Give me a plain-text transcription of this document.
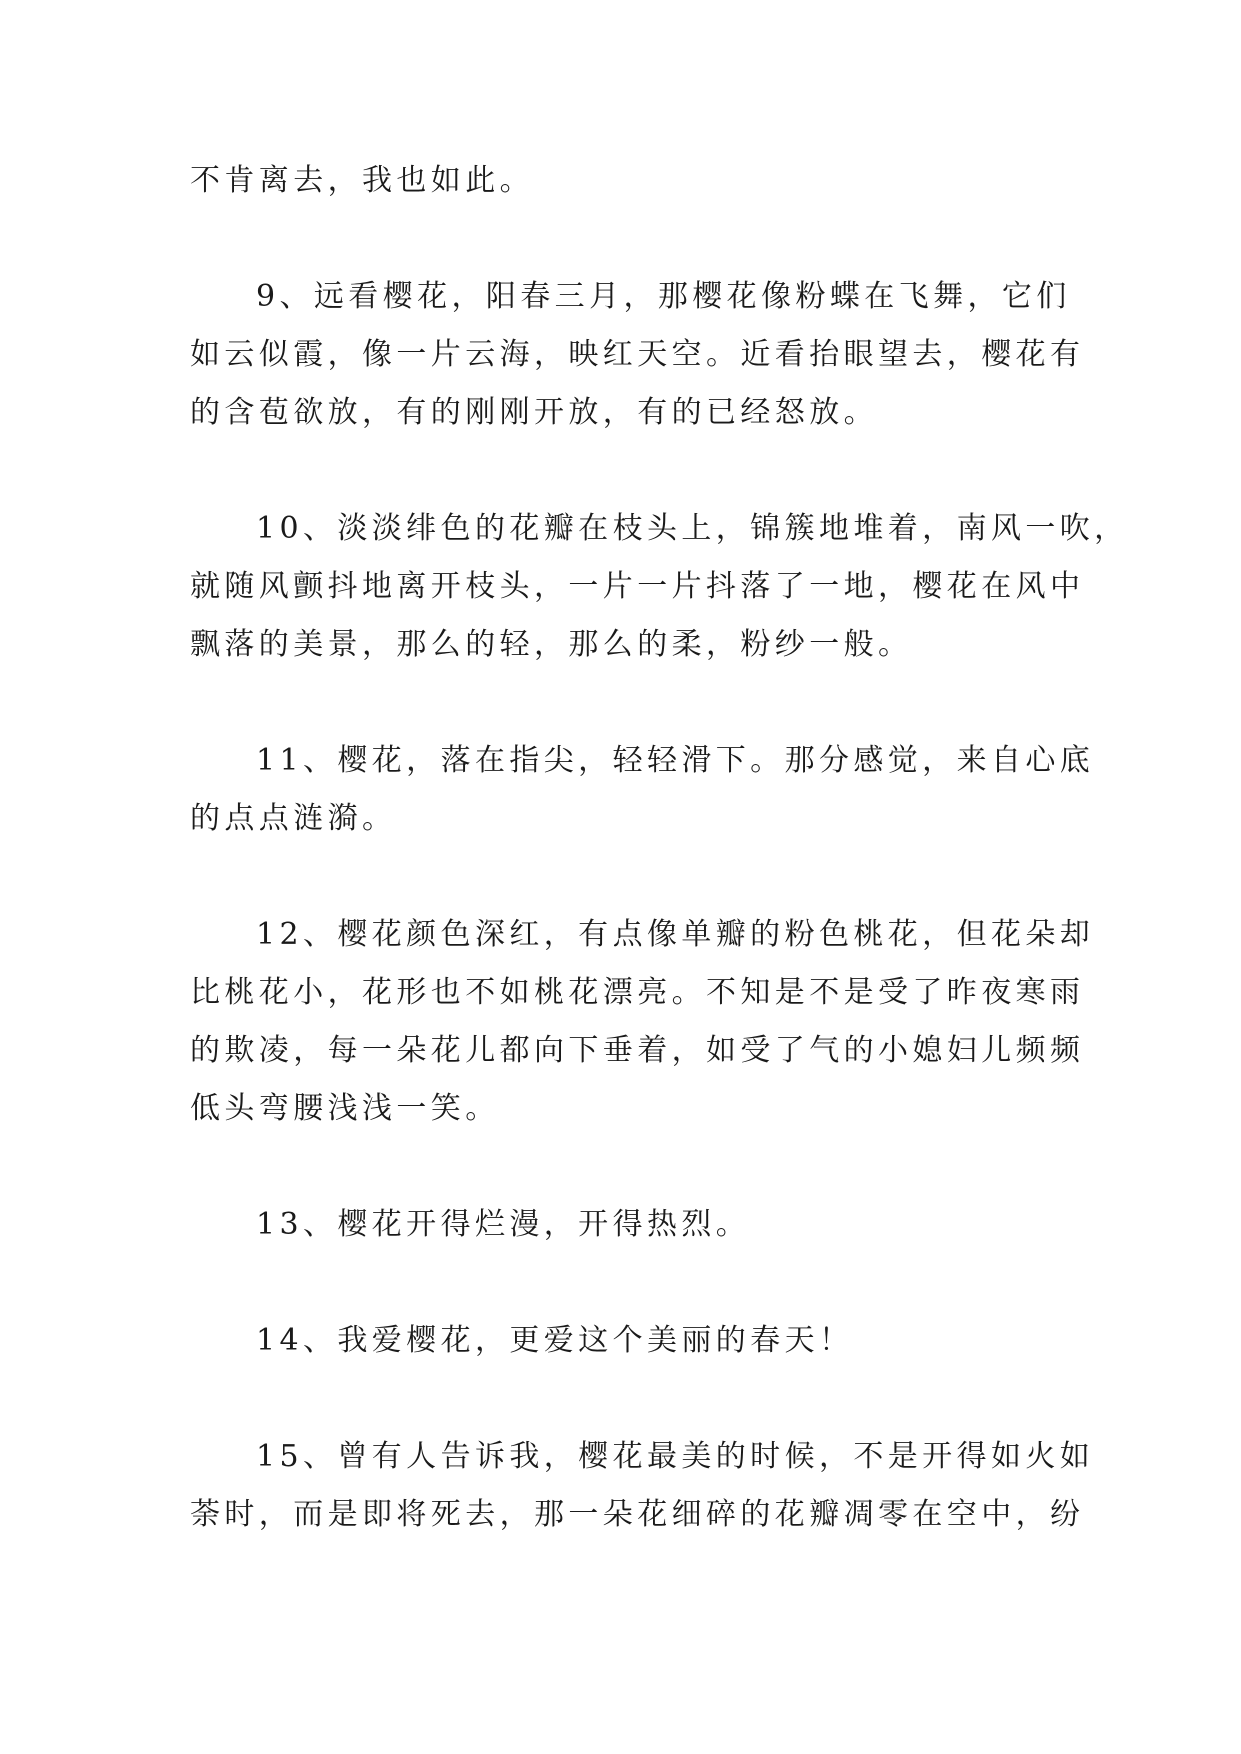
不肯离去，我也如此。

9、远看樱花，阳春三月，那樱花像粉蝶在飞舞，它们
如云似霞，像一片云海，映红天空。近看抬眼望去，樱花有
的含苞欲放，有的刚刚开放，有的已经怒放。

10、淡淡绯色的花瓣在枝头上，锦簇地堆着，南风一吹，
就随风颤抖地离开枝头，一片一片抖落了一地，樱花在风中
飘落的美景，那么的轻，那么的柔，粉纱一般。

11、樱花，落在指尖，轻轻滑下。那分感觉，来自心底
的点点涟漪。

12、樱花颜色深红，有点像单瓣的粉色桃花，但花朵却
比桃花小，花形也不如桃花漂亮。不知是不是受了昨夜寒雨
的欺凌，每一朵花儿都向下垂着，如受了气的小媳妇儿频频
低头弯腰浅浅一笑。

13、樱花开得烂漫，开得热烈。

14、我爱樱花，更爱这个美丽的春天！

15、曾有人告诉我，樱花最美的时候，不是开得如火如
荼时，而是即将死去，那一朵花细碎的花瓣凋零在空中，纷
